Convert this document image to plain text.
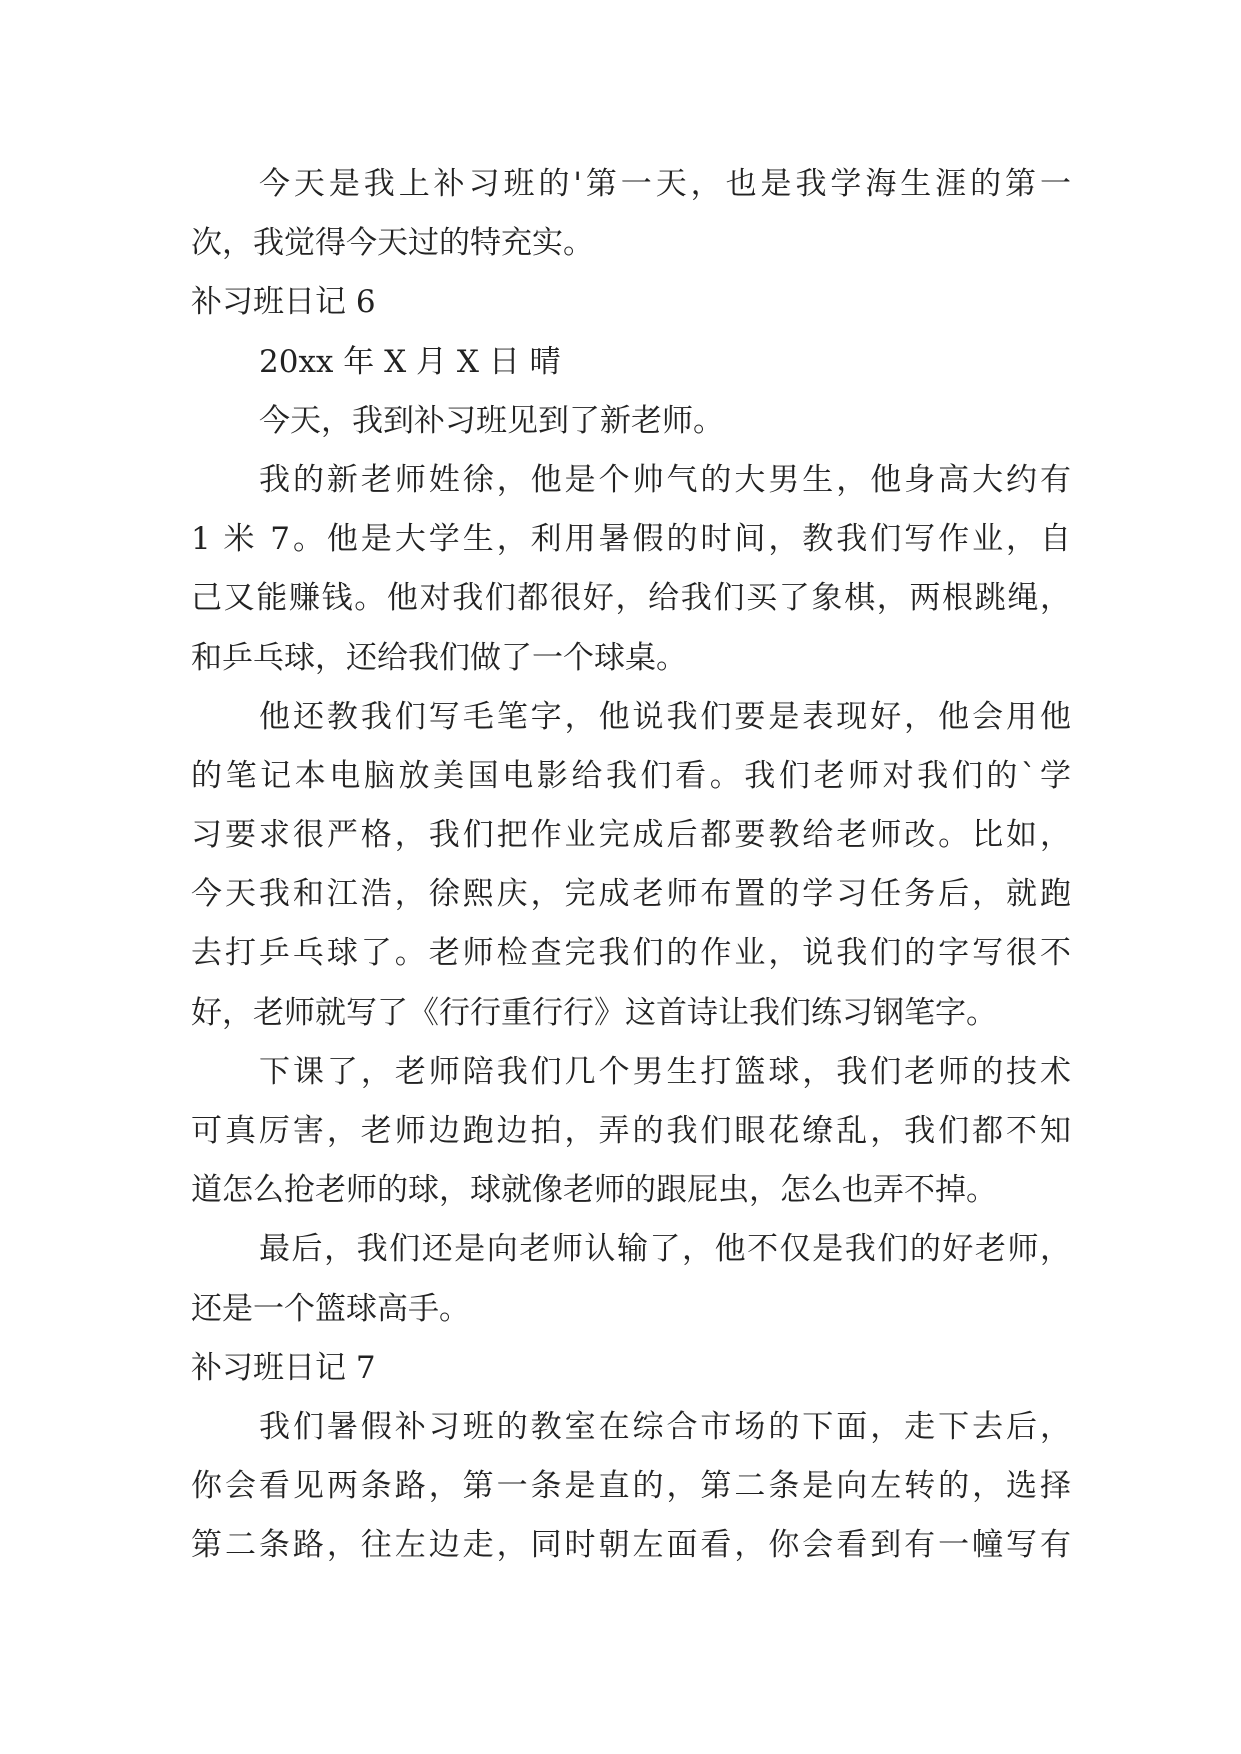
今天是我上补习班的'第一天，也是我学海生涯的第一
次，我觉得今天过的特充实。
补习班日记 6
20xx 年 X 月 X 日 晴
今天，我到补习班见到了新老师。
我的新老师姓徐，他是个帅气的大男生，他身高大约有
1 米 7。他是大学生，利用暑假的时间，教我们写作业，自
己又能赚钱。他对我们都很好，给我们买了象棋，两根跳绳，
和乒乓球，还给我们做了一个球桌。
他还教我们写毛笔字，他说我们要是表现好，他会用他
的笔记本电脑放美国电影给我们看。我们老师对我们的`学
习要求很严格，我们把作业完成后都要教给老师改。比如，
今天我和江浩，徐熙庆，完成老师布置的学习任务后，就跑
去打乒乓球了。老师检查完我们的作业，说我们的字写很不
好，老师就写了《行行重行行》这首诗让我们练习钢笔字。
下课了，老师陪我们几个男生打篮球，我们老师的技术
可真厉害，老师边跑边拍，弄的我们眼花缭乱，我们都不知
道怎么抢老师的球，球就像老师的跟屁虫，怎么也弄不掉。
最后，我们还是向老师认输了，他不仅是我们的好老师，
还是一个篮球高手。
补习班日记 7
我们暑假补习班的教室在综合市场的下面，走下去后，
你会看见两条路，第一条是直的，第二条是向左转的，选择
第二条路，往左边走，同时朝左面看，你会看到有一幢写有
